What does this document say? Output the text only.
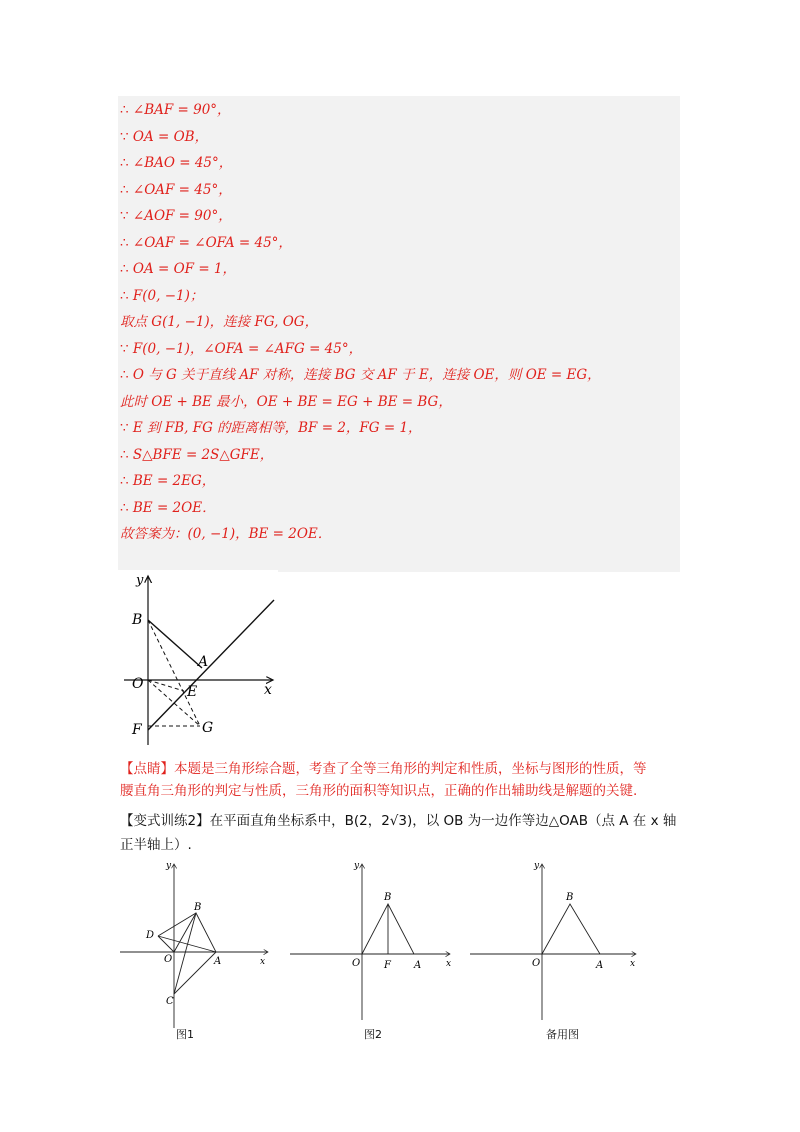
∴ ∠BAF = 90°，
∵ OA = OB，
∴ ∠BAO = 45°，
∴ ∠OAF = 45°，
∵ ∠AOF = 90°，
∴ ∠OAF = ∠OFA = 45°，
∴ OA = OF = 1，
∴ F(0, −1)；
取点 G(1, −1)，连接 FG, OG，
∵ F(0, −1)，∠OFA = ∠AFG = 45°，
∴ O 与 G 关于直线 AF 对称，连接 BG 交 AF 于 E，连接 OE，则 OE = EG，
此时 OE + BE 最小，OE + BE = EG + BE = BG，
∵ E 到 FB, FG 的距离相等，BF = 2，FG = 1，
∴ S△BFE = 2S△GFE，
∴ BE = 2EG，
∴ BE = 2OE．
故答案为：(0, −1)，BE = 2OE．
y
x
B
A
O	E
F	G
【点睛】本题是三角形综合题，考查了全等三角形的判定和性质，坐标与图形的性质，等
腰直角三角形的判定与性质，三角形的面积等知识点，正确的作出辅助线是解题的关键.
【变式训练2】在平面直角坐标系中，B(2，2√3)，以 OB 为一边作等边△OAB（点 A 在 x 轴
正半轴上）.
y
x
B
D
O	A
C
y
x
B
O F A
y
x
B
O	A
图1	图2	备用图
